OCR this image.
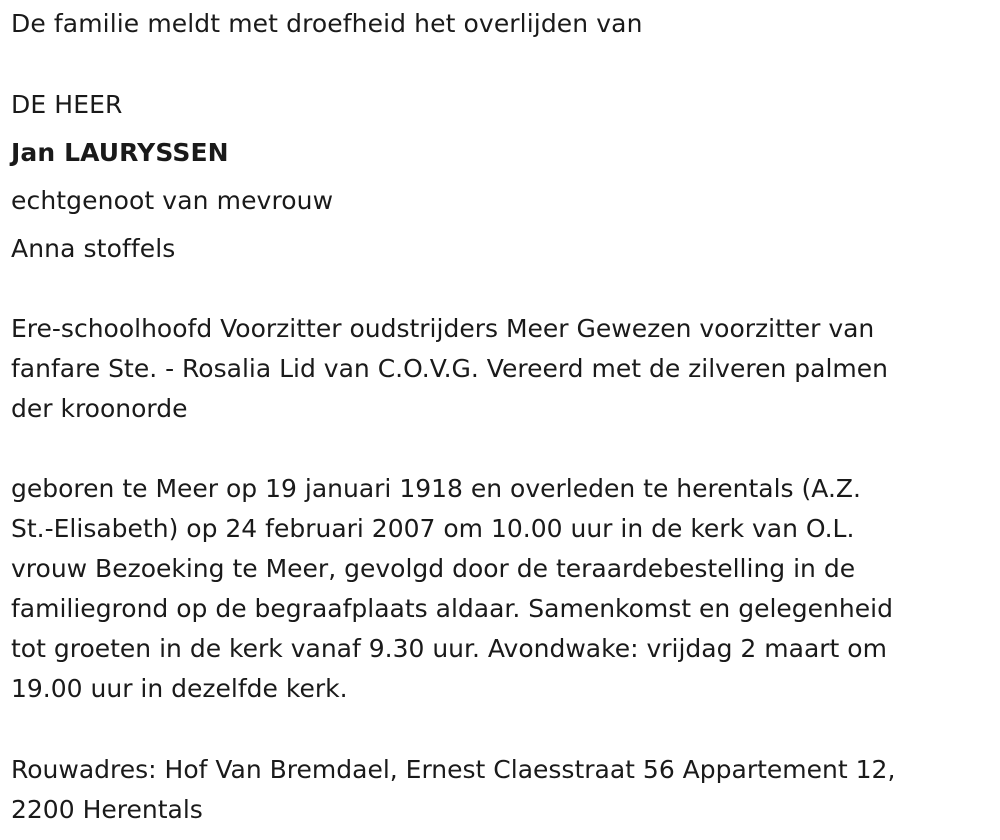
De familie meldt met droefheid het overlijden van

DE HEER

Jan LAURYSSEN

echtgenoot van mevrouw

Anna stoffels

Ere-schoolhoofd Voorzitter oudstrijders Meer Gewezen voorzitter van
fanfare Ste. - Rosalia Lid van C.O.V.G. Vereerd met de zilveren palmen
der kroonorde
geboren te Meer op 19 januari 1918 en overleden te herentals (A.Z.
St.-Elisabeth) op 24 februari 2007 om 10.00 uur in de kerk van O.L.
vrouw Bezoeking te Meer, gevolgd door de teraardebestelling in de
familiegrond op de begraafplaats aldaar. Samenkomst en gelegenheid
tot groeten in de kerk vanaf 9.30 uur. Avondwake: vrijdag 2 maart om
19.00 uur in dezelfde kerk.
Rouwadres: Hof Van Bremdael, Ernest Claesstraat 56 Appartement 12,
2200 Herentals
